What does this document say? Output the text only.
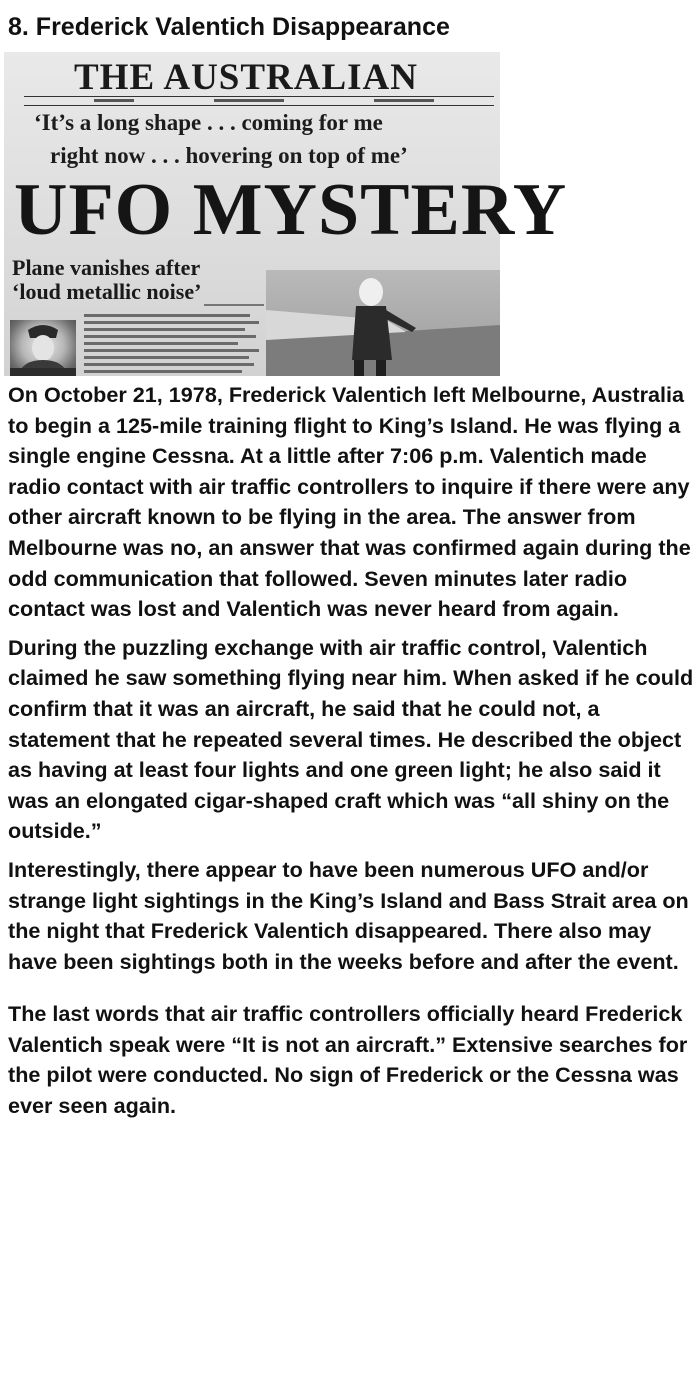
8. Frederick Valentich Disappearance
THE AUSTRALIAN
‘It’s a long shape . . . coming for me
right now . . . hovering on top of me’
UFO MYSTERY
Plane vanishes after
‘loud metallic noise’

On October 21, 1978, Frederick Valentich left Melbourne, Australia to begin a 125-mile training flight to King’s Island. He was flying a single engine Cessna. At a little after 7:06 p.m. Valentich made radio contact with air traffic controllers to inquire if there were any other aircraft known to be flying in the area. The answer from Melbourne was no, an answer that was confirmed again during the odd communication that followed. Seven minutes later radio contact was lost and Valentich was never heard from again.

During the puzzling exchange with air traffic control, Valentich claimed he saw something flying near him. When asked if he could confirm that it was an aircraft, he said that he could not, a statement that he repeated several times. He described the object as having at least four lights and one green light; he also said it was an elongated cigar-shaped craft which was “all shiny on the outside.”

Interestingly, there appear to have been numerous UFO and/or strange light sightings in the King’s Island and Bass Strait area on the night that Frederick Valentich disappeared. There also may have been sightings both in the weeks before and after the event.

The last words that air traffic controllers officially heard Frederick Valentich speak were “It is not an aircraft.” Extensive searches for the pilot were conducted. No sign of Frederick or the Cessna was ever seen again.
